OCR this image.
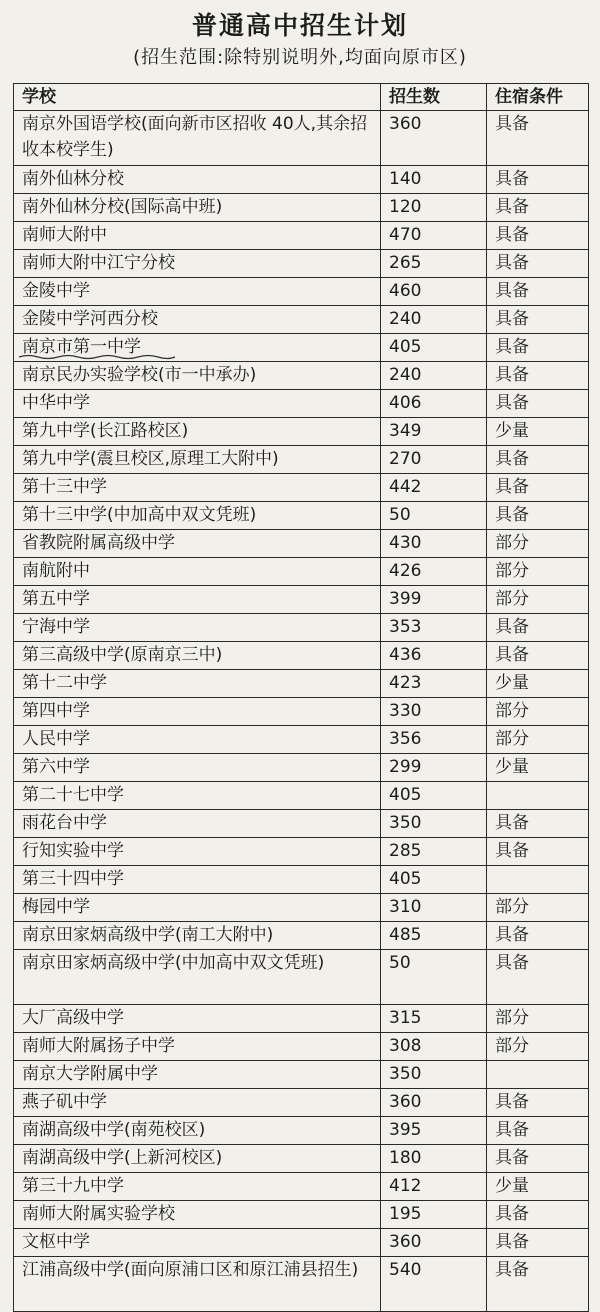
普通高中招生计划
(招生范围:除特别说明外,均面向原市区)
学校	招生数	住宿条件
南京外国语学校(面向新市区招收 40人,其余招收本校学生)	360	具备
南外仙林分校	140	具备
南外仙林分校(国际高中班)	120	具备
南师大附中	470	具备
南师大附中江宁分校	265	具备
金陵中学	460	具备
金陵中学河西分校	240	具备
南京市第一中学	405	具备
南京民办实验学校(市一中承办)	240	具备
中华中学	406	具备
第九中学(长江路校区)	349	少量
第九中学(震旦校区,原理工大附中)	270	具备
第十三中学	442	具备
第十三中学(中加高中双文凭班)	50	具备
省教院附属高级中学	430	部分
南航附中	426	部分
第五中学	399	部分
宁海中学	353	具备
第三高级中学(原南京三中)	436	具备
第十二中学	423	少量
第四中学	330	部分
人民中学	356	部分
第六中学	299	少量
第二十七中学	405	
雨花台中学	350	具备
行知实验中学	285	具备
第三十四中学	405	
梅园中学	310	部分
南京田家炳高级中学(南工大附中)	485	具备
南京田家炳高级中学(中加高中双文凭班)	50	具备
大厂高级中学	315	部分
南师大附属扬子中学	308	部分
南京大学附属中学	350	
燕子矶中学	360	具备
南湖高级中学(南苑校区)	395	具备
南湖高级中学(上新河校区)	180	具备
第三十九中学	412	少量
南师大附属实验学校	195	具备
文枢中学	360	具备
江浦高级中学(面向原浦口区和原江浦县招生)	540	具备
